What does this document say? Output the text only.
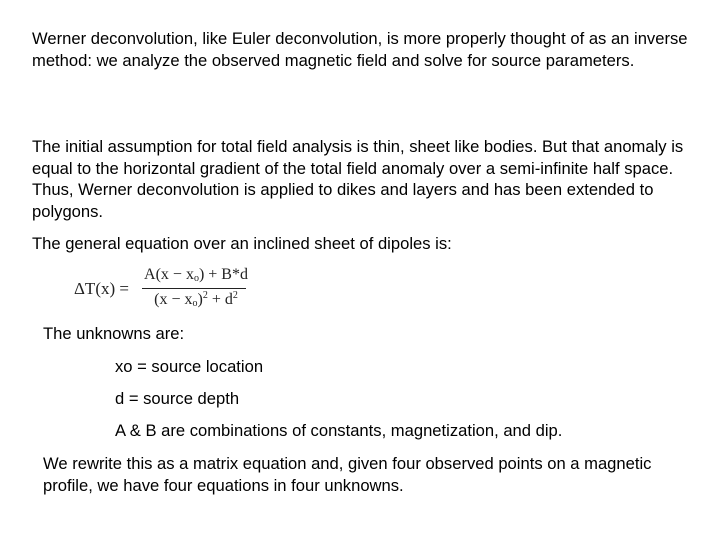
Werner deconvolution, like Euler deconvolution, is more properly thought of as an inverse method: we analyze the observed magnetic field and solve for source parameters.

The initial assumption for total field analysis is thin, sheet like bodies. But that anomaly is equal to the horizontal gradient of the total field anomaly over a semi-infinite half space. Thus, Werner deconvolution is applied to dikes and layers and has been extended to polygons.

The general equation over an inclined sheet of dipoles is:

ΔT(x) =
$A(x - x_o) + B*d$
$(x - x_o)^2 + d^2$

The unknowns are:

xo = source location

d = source depth

A & B are combinations of constants, magnetization, and dip.

We rewrite this as a matrix equation and, given four observed points on a magnetic profile, we have four equations in four unknowns.
